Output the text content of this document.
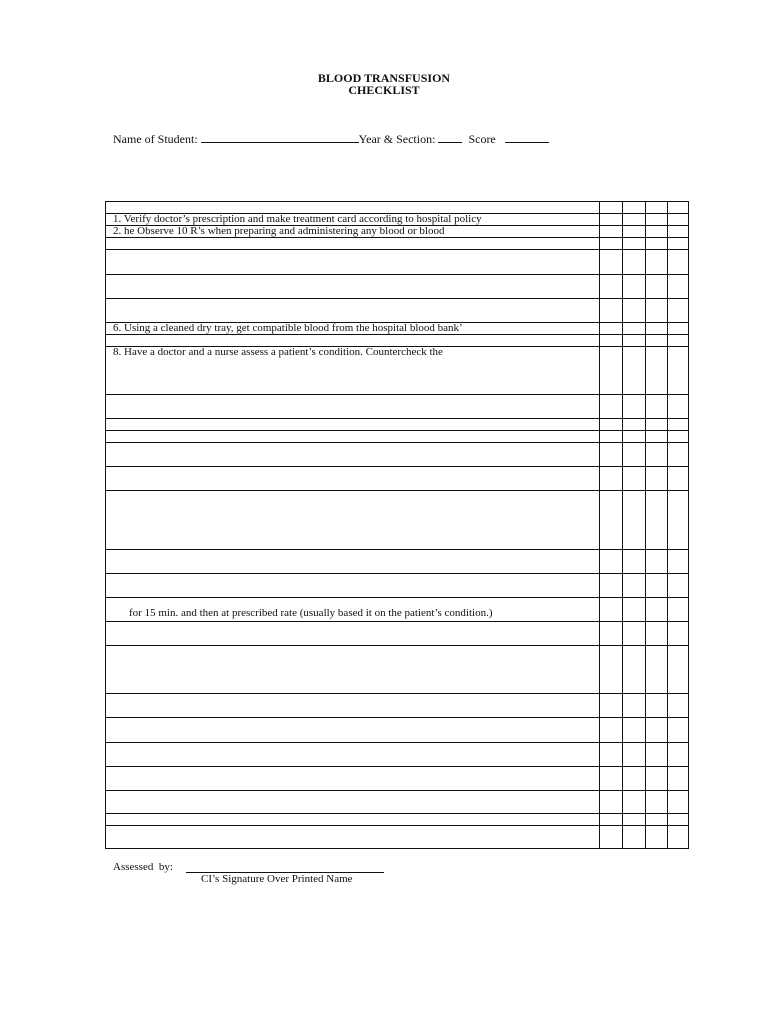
BLOOD TRANSFUSION
CHECKLIST
Name of Student:	Year & Section:	Score
1. Verify doctor’s prescription and make treatment card according to hospital policy
2. he Observe 10 R’s when preparing and administering any blood or blood
6. Using a cleaned dry tray, get compatible blood from the hospital blood bank’
8. Have a doctor and a nurse assess a patient’s condition. Countercheck the
for 15 min. and then at prescribed rate (usually based it on the patient’s condition.)
Assessed  by:
CI’s Signature Over Printed Name
